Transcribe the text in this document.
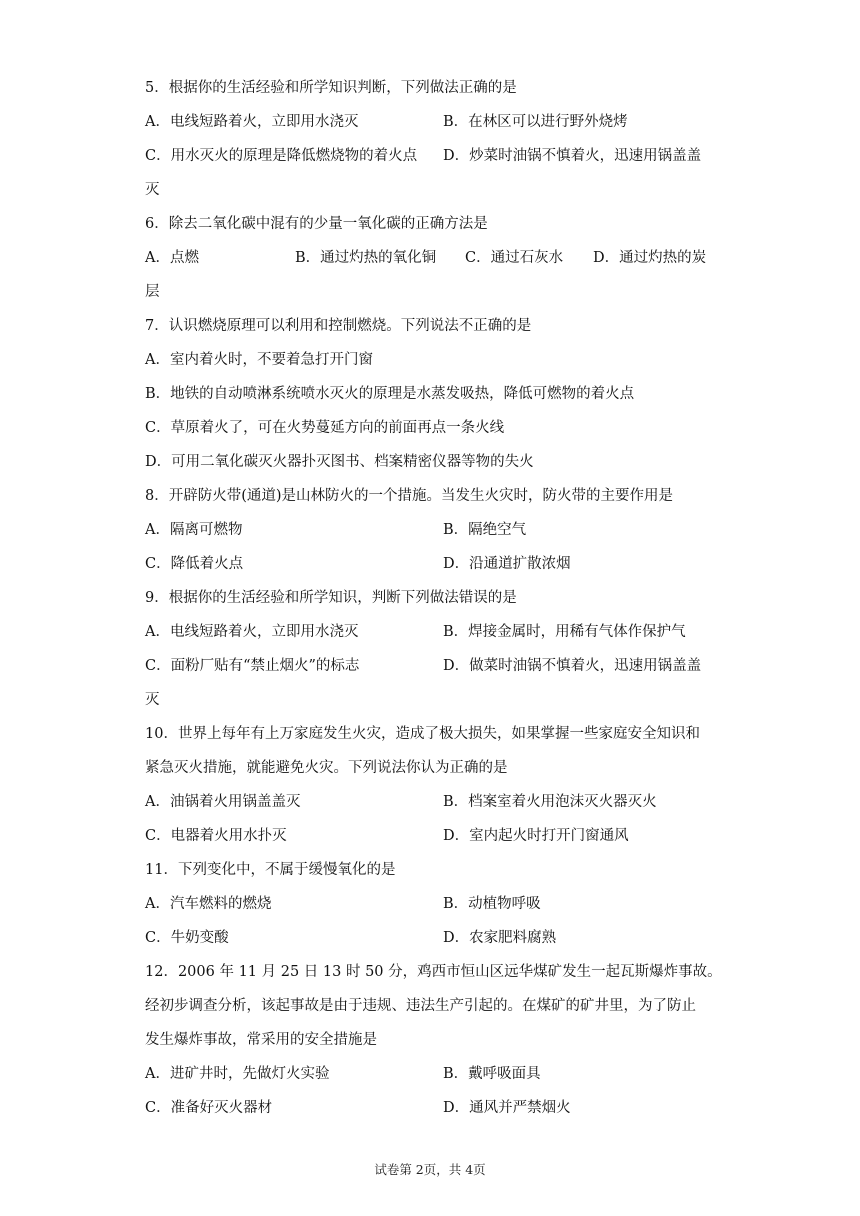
5．根据你的生活经验和所学知识判断，下列做法正确的是
A．电线短路着火，立即用水浇灭	B．在林区可以进行野外烧烤
C．用水灭火的原理是降低燃烧物的着火点	D．炒菜时油锅不慎着火，迅速用锅盖盖
灭
6．除去二氧化碳中混有的少量一氧化碳的正确方法是
A．点燃	B．通过灼热的氧化铜	C．通过石灰水	D．通过灼热的炭
层
7．认识燃烧原理可以利用和控制燃烧。下列说法不正确的是
A．室内着火时，不要着急打开门窗
B．地铁的自动喷淋系统喷水灭火的原理是水蒸发吸热，降低可燃物的着火点
C．草原着火了，可在火势蔓延方向的前面再点一条火线
D．可用二氧化碳灭火器扑灭图书、档案精密仪器等物的失火
8．开辟防火带(通道)是山林防火的一个措施。当发生火灾时，防火带的主要作用是
A．隔离可燃物	B．隔绝空气
C．降低着火点	D．沿通道扩散浓烟
9．根据你的生活经验和所学知识，判断下列做法错误的是
A．电线短路着火，立即用水浇灭	B．焊接金属时，用稀有气体作保护气
C．面粉厂贴有“禁止烟火”的标志	D．做菜时油锅不慎着火，迅速用锅盖盖
灭
10．世界上每年有上万家庭发生火灾，造成了极大损失，如果掌握一些家庭安全知识和
紧急灭火措施，就能避免火灾。下列说法你认为正确的是
A．油锅着火用锅盖盖灭	B．档案室着火用泡沫灭火器灭火
C．电器着火用水扑灭	D．室内起火时打开门窗通风
11．下列变化中，不属于缓慢氧化的是
A．汽车燃料的燃烧	B．动植物呼吸
C．牛奶变酸	D．农家肥料腐熟
12．2006 年 11 月 25 日 13 时 50 分，鸡西市恒山区远华煤矿发生一起瓦斯爆炸事故。
经初步调查分析，该起事故是由于违规、违法生产引起的。在煤矿的矿井里，为了防止
发生爆炸事故，常采用的安全措施是
A．进矿井时，先做灯火实验	B．戴呼吸面具
C．准备好灭火器材	D．通风并严禁烟火
试卷第 2页，共 4页
